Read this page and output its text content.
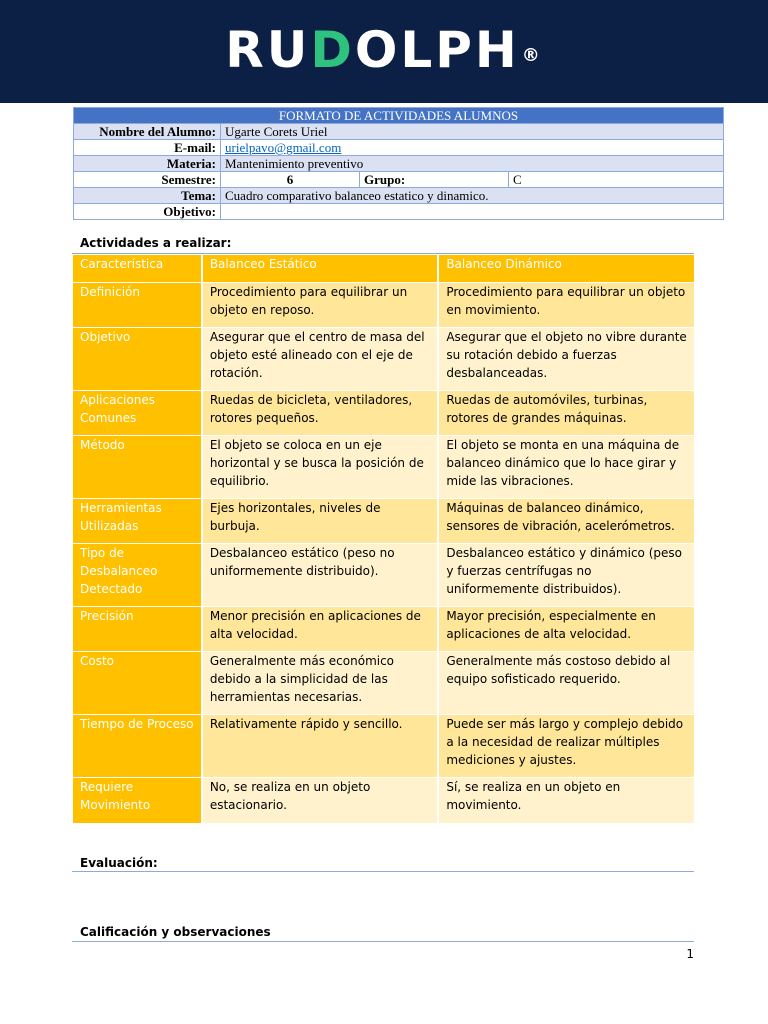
RUDOLPH ®
FORMATO DE ACTIVIDADES ALUMNOS			
Nombre del Alumno:	Ugarte Corets Uriel		
E-mail:	urielpavo@gmail.com		
Materia:	Mantenimiento preventivo		
Semestre:	6	Grupo:	C
Tema:	Cuadro comparativo balanceo estatico y dinamico.		
Objetivo:			
Actividades a realizar:
Característica	Balanceo Estático	Balanceo Dinámico
Definición	Procedimiento para equilibrar un objeto en reposo.	Procedimiento para equilibrar un objeto en movimiento.
Objetivo	Asegurar que el centro de masa del objeto esté alineado con el eje de rotación.	Asegurar que el objeto no vibre durante su rotación debido a fuerzas desbalanceadas.
Aplicaciones Comunes	Ruedas de bicicleta, ventiladores, rotores pequeños.	Ruedas de automóviles, turbinas, rotores de grandes máquinas.
Método	El objeto se coloca en un eje horizontal y se busca la posición de equilibrio.	El objeto se monta en una máquina de balanceo dinámico que lo hace girar y mide las vibraciones.
Herramientas Utilizadas	Ejes horizontales, niveles de burbuja.	Máquinas de balanceo dinámico, sensores de vibración, acelerómetros.
Tipo de Desbalanceo Detectado	Desbalanceo estático (peso no uniformemente distribuido).	Desbalanceo estático y dinámico (peso y fuerzas centrífugas no uniformemente distribuidos).
Precisión	Menor precisión en aplicaciones de alta velocidad.	Mayor precisión, especialmente en aplicaciones de alta velocidad.
Costo	Generalmente más económico debido a la simplicidad de las herramientas necesarias.	Generalmente más costoso debido al equipo sofisticado requerido.
Tiempo de Proceso	Relativamente rápido y sencillo.	Puede ser más largo y complejo debido a la necesidad de realizar múltiples mediciones y ajustes.
Requiere Movimiento	No, se realiza en un objeto estacionario.	Sí, se realiza en un objeto en movimiento.
Evaluación:
Calificación y observaciones
1
